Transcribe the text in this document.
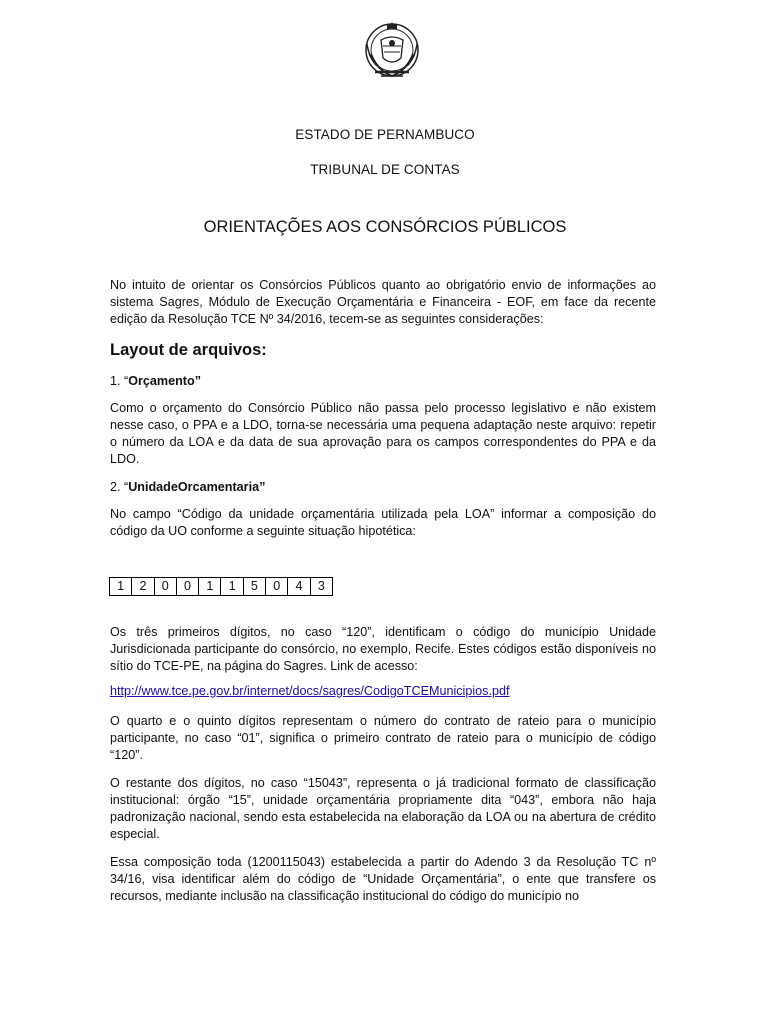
ESTADO DE PERNAMBUCO
TRIBUNAL DE CONTAS
ORIENTAÇÕES AOS CONSÓRCIOS PÚBLICOS

No intuito de orientar os Consórcios Públicos quanto ao obrigatório envio de informações ao sistema Sagres, Módulo de Execução Orçamentária e Financeira - EOF, em face da recente edição da Resolução TCE Nº 34/2016, tecem-se as seguintes considerações:

Layout de arquivos:
1. “Orçamento”

Como o orçamento do Consórcio Público não passa pelo processo legislativo e não existem nesse caso, o PPA e a LDO, torna-se necessária uma pequena adaptação neste arquivo: repetir o número da LOA e da data de sua aprovação para os campos correspondentes do PPA e da LDO.

2. “UnidadeOrcamentaria”

No campo “Código da unidade orçamentária utilizada pela LOA” informar a composição do código da UO conforme a seguinte situação hipotética:

1	2	0	0	1	1	5	0	4	3

Os três primeiros dígitos, no caso “120”, identificam o código do município Unidade Jurisdicionada participante do consórcio, no exemplo, Recife. Estes códigos estão disponíveis no sítio do TCE-PE, na página do Sagres. Link de acesso:

http://www.tce.pe.gov.br/internet/docs/sagres/CodigoTCEMunicipios.pdf

O quarto e o quinto dígitos representam o número do contrato de rateio para o município participante, no caso “01”, significa o primeiro contrato de rateio para o município de código “120”.

O restante dos dígitos, no caso “15043”, representa o já tradicional formato de classificação institucional: órgão “15”, unidade orçamentária propriamente dita “043”, embora não haja padronização nacional, sendo esta estabelecida na elaboração da LOA ou na abertura de crédito especial.

Essa composição toda (1200115043) estabelecida a partir do Adendo 3 da Resolução TC nº 34/16, visa identificar além do código de “Unidade Orçamentária”, o ente que transfere os recursos, mediante inclusão na classificação institucional do código do município no
